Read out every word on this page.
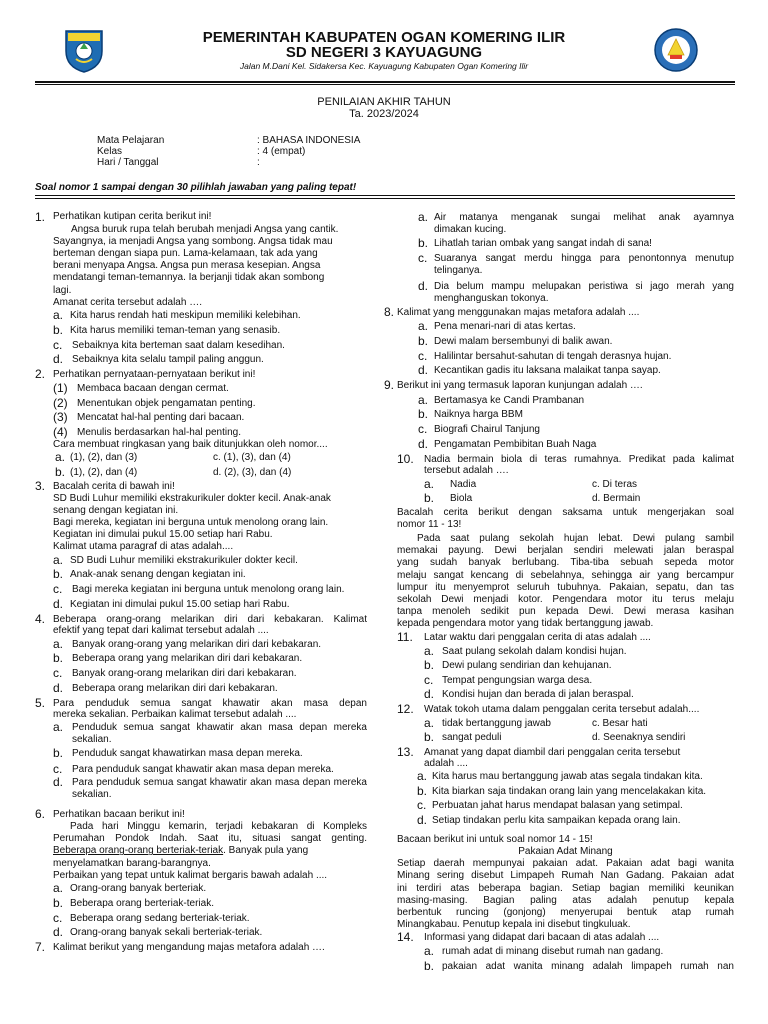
PEMERINTAH KABUPATEN OGAN KOMERING ILIR
SD NEGERI 3 KAYUAGUNG
Jalan M.Dani Kel. Sidakersa Kec. Kayuagung Kabupaten Ogan Komering Ilir
PENILAIAN AKHIR TAHUN
Ta. 2023/2024
Mata Pelajaran	: BAHASA INDONESIA
Kelas	: 4 (empat)
Hari / Tanggal	:
Soal nomor 1 sampai dengan 30 pilihlah jawaban yang paling tepat!
1. Perhatikan kutipan cerita berikut ini!
Angsa buruk rupa telah berubah menjadi Angsa yang cantik.
Sayangnya, ia menjadi Angsa yang sombong. Angsa tidak mau
berteman dengan siapa pun. Lama-kelamaan, tak ada yang
berani menyapa Angsa. Angsa pun merasa kesepian. Angsa
mendatangi teman-temannya. Ia berjanji tidak akan sombong
lagi.
Amanat cerita tersebut adalah ….
a. Kita harus rendah hati meskipun memiliki kelebihan.
b. Kita harus memiliki teman-teman yang senasib.
c. Sebaiknya kita berteman saat dalam kesedihan.
d. Sebaiknya kita selalu tampil paling anggun.
2. Perhatikan pernyataan-pernyataan berikut ini!
(1) Membaca bacaan dengan cermat.
(2) Menentukan objek pengamatan penting.
(3) Mencatat hal-hal penting dari bacaan.
(4) Menulis berdasarkan hal-hal penting.
Cara membuat ringkasan yang baik ditunjukkan oleh nomor....
a. (1), (2), dan (3)	c. (1), (3), dan (4)
b. (1), (2), dan (4)	d. (2), (3), dan (4)
3. Bacalah cerita di bawah ini!
SD Budi Luhur memiliki ekstrakurikuler dokter kecil. Anak-anak
senang dengan kegiatan ini.
Bagi mereka, kegiatan ini berguna untuk menolong orang lain.
Kegiatan ini dimulai pukul 15.00 setiap hari Rabu.
Kalimat utama paragraf di atas adalah....
a. SD Budi Luhur memiliki ekstrakurikuler dokter kecil.
b. Anak-anak senang dengan kegiatan ini.
c. Bagi mereka kegiatan ini berguna untuk menolong orang lain.
d. Kegiatan ini dimulai pukul 15.00 setiap hari Rabu.
4. Beberapa orang-orang melarikan diri dari kebakaran. Kalimat
efektif yang tepat dari kalimat tersebut adalah ....
a. Banyak orang-orang yang melarikan diri dari kebakaran.
b. Beberapa orang yang melarikan diri dari kebakaran.
c. Banyak orang-orang melarikan diri dari kebakaran.
d. Beberapa orang melarikan diri dari kebakaran.
5. Para penduduk semua sangat khawatir akan masa depan
mereka sekalian. Perbaikan kalimat tersebut adalah ....
a. Penduduk semua sangat khawatir akan masa depan mereka
sekalian.
b. Penduduk sangat khawatirkan masa depan mereka.
c. Para penduduk sangat khawatir akan masa depan mereka.
d. Para penduduk semua sangat khawatir akan masa depan mereka
sekalian.
6. Perhatikan bacaan berikut ini!
Pada hari Minggu kemarin, terjadi kebakaran di Kompleks
Perumahan Pondok Indah. Saat itu, situasi sangat genting.
Beberapa orang-orang berteriak-teriak. Banyak pula yang
menyelamatkan barang-barangnya.
Perbaikan yang tepat untuk kalimat bergaris bawah adalah ....
a. Orang-orang banyak berteriak.
b. Beberapa orang berteriak-teriak.
c. Beberapa orang sedang berteriak-teriak.
d. Orang-orang banyak sekali berteriak-teriak.
7. Kalimat berikut yang mengandung majas metafora adalah ….
a. Air matanya menganak sungai melihat anak ayamnya
dimakan kucing.
b. Lihatlah tarian ombak yang sangat indah di sana!
c. Suaranya sangat merdu hingga para penontonnya menutup
telinganya.
d. Dia belum mampu melupakan peristiwa si jago merah yang
menghanguskan tokonya.
8. Kalimat yang menggunakan majas metafora adalah ....
a. Pena menari-nari di atas kertas.
b. Dewi malam bersembunyi di balik awan.
c. Halilintar bersahut-sahutan di tengah derasnya hujan.
d. Kecantikan gadis itu laksana malaikat tanpa sayap.
9. Berikut ini yang termasuk laporan kunjungan adalah ….
a. Bertamasya ke Candi Prambanan
b. Naiknya harga BBM
c. Biografi Chairul Tanjung
d. Pengamatan Pembibitan Buah Naga
10. Nadia bermain biola di teras rumahnya. Predikat pada kalimat
tersebut adalah ….
a. Nadia	c. Di teras
b. Biola	d. Bermain
Bacalah cerita berikut dengan saksama untuk mengerjakan soal
nomor 11 - 13!
Pada saat pulang sekolah hujan lebat. Dewi pulang sambil
memakai payung. Dewi berjalan sendiri melewati jalan beraspal
yang sudah banyak berlubang. Tiba-tiba sebuah sepeda motor
melaju sangat kencang di sebelahnya, sehingga air yang bercampur
lumpur itu menyemprot seluruh tubuhnya. Pakaian, sepatu, dan tas
sekolah Dewi menjadi kotor. Pengendara motor itu terus melaju
tanpa menoleh sedikit pun kepada Dewi. Dewi merasa kasihan
kepada pengendara motor yang tidak bertanggung jawab.
11. Latar waktu dari penggalan cerita di atas adalah ....
a. Saat pulang sekolah dalam kondisi hujan.
b. Dewi pulang sendirian dan kehujanan.
c. Tempat pengungsian warga desa.
d. Kondisi hujan dan berada di jalan beraspal.
12. Watak tokoh utama dalam penggalan cerita tersebut adalah....
a. tidak bertanggung jawab	c. Besar hati
b. sangat peduli	d. Seenaknya sendiri
13. Amanat yang dapat diambil dari penggalan cerita tersebut
adalah ....
a. Kita harus mau bertanggung jawab atas segala tindakan kita.
b. Kita biarkan saja tindakan orang lain yang mencelakakan kita.
c. Perbuatan jahat harus mendapat balasan yang setimpal.
d. Setiap tindakan perlu kita sampaikan kepada orang lain.
Bacaan berikut ini untuk soal nomor 14 - 15!
Pakaian Adat Minang
Setiap daerah mempunyai pakaian adat. Pakaian adat bagi wanita
Minang sering disebut Limpapeh Rumah Nan Gadang. Pakaian adat
ini terdiri atas beberapa bagian. Setiap bagian memiliki keunikan
masing-masing. Bagian paling atas adalah penutup kepala
berbentuk runcing (gonjong) menyerupai bentuk atap rumah
Minangkabau. Penutup kepala ini disebut tingkuluak.
14. Informasi yang didapat dari bacaan di atas adalah ....
a. rumah adat di minang disebut rumah nan gadang.
b. pakaian adat wanita minang adalah limpapeh rumah nan
